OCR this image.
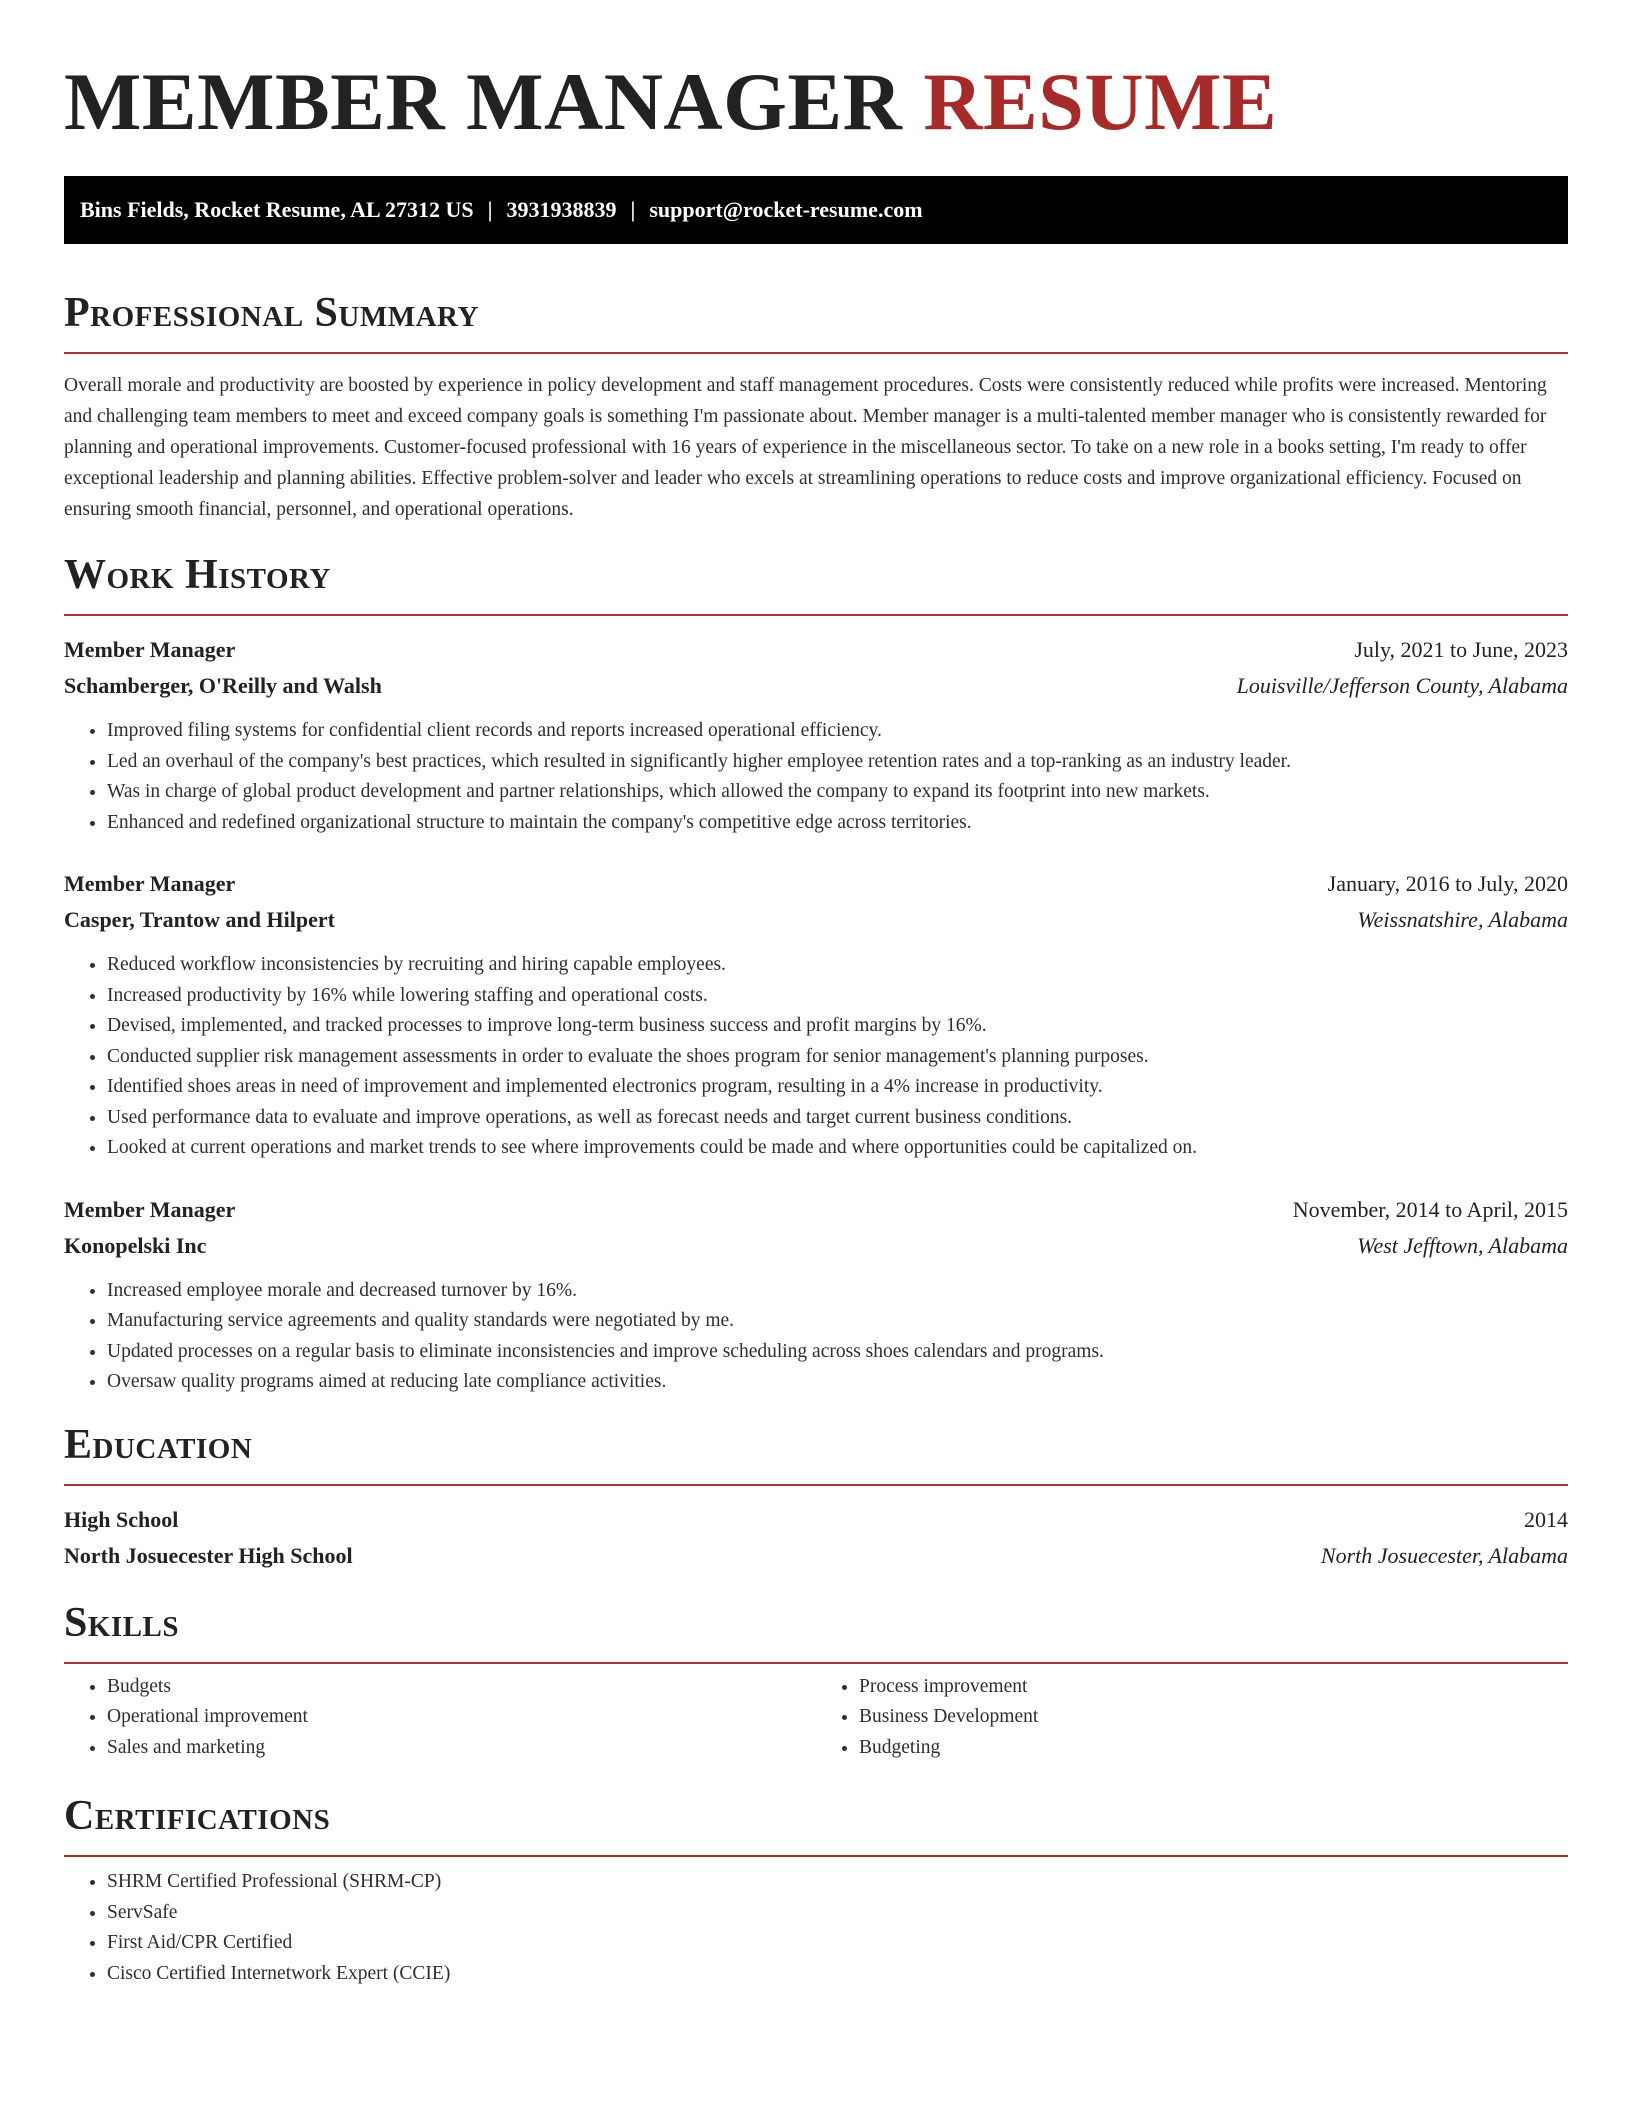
MEMBER MANAGER RESUME
Bins Fields, Rocket Resume, AL 27312 US | 3931938839 | support@rocket-resume.com
Professional Summary

Overall morale and productivity are boosted by experience in policy development and staff management procedures. Costs were consistently reduced while profits were increased. Mentoring and challenging team members to meet and exceed company goals is something I'm passionate about. Member manager is a multi-talented member manager who is consistently rewarded for planning and operational improvements. Customer-focused professional with 16 years of experience in the miscellaneous sector. To take on a new role in a books setting, I'm ready to offer exceptional leadership and planning abilities. Effective problem-solver and leader who excels at streamlining operations to reduce costs and improve organizational efficiency. Focused on ensuring smooth financial, personnel, and operational operations.

Work History
Member Manager	July, 2021 to June, 2023
Schamberger, O'Reilly and Walsh	Louisville/Jefferson County, Alabama
• Improved filing systems for confidential client records and reports increased operational efficiency.
• Led an overhaul of the company's best practices, which resulted in significantly higher employee retention rates and a top-ranking as an industry leader.
• Was in charge of global product development and partner relationships, which allowed the company to expand its footprint into new markets.
• Enhanced and redefined organizational structure to maintain the company's competitive edge across territories.
Member Manager	January, 2016 to July, 2020
Casper, Trantow and Hilpert	Weissnatshire, Alabama
• Reduced workflow inconsistencies by recruiting and hiring capable employees.
• Increased productivity by 16% while lowering staffing and operational costs.
• Devised, implemented, and tracked processes to improve long-term business success and profit margins by 16%.
• Conducted supplier risk management assessments in order to evaluate the shoes program for senior management's planning purposes.
• Identified shoes areas in need of improvement and implemented electronics program, resulting in a 4% increase in productivity.
• Used performance data to evaluate and improve operations, as well as forecast needs and target current business conditions.
• Looked at current operations and market trends to see where improvements could be made and where opportunities could be capitalized on.
Member Manager	November, 2014 to April, 2015
Konopelski Inc	West Jefftown, Alabama
• Increased employee morale and decreased turnover by 16%.
• Manufacturing service agreements and quality standards were negotiated by me.
• Updated processes on a regular basis to eliminate inconsistencies and improve scheduling across shoes calendars and programs.
• Oversaw quality programs aimed at reducing late compliance activities.
Education
High School	2014
North Josuecester High School	North Josuecester, Alabama
Skills
• Budgets
• Operational improvement
• Sales and marketing
• Process improvement
• Business Development
• Budgeting
Certifications
• SHRM Certified Professional (SHRM-CP)
• ServSafe
• First Aid/CPR Certified
• Cisco Certified Internetwork Expert (CCIE)
